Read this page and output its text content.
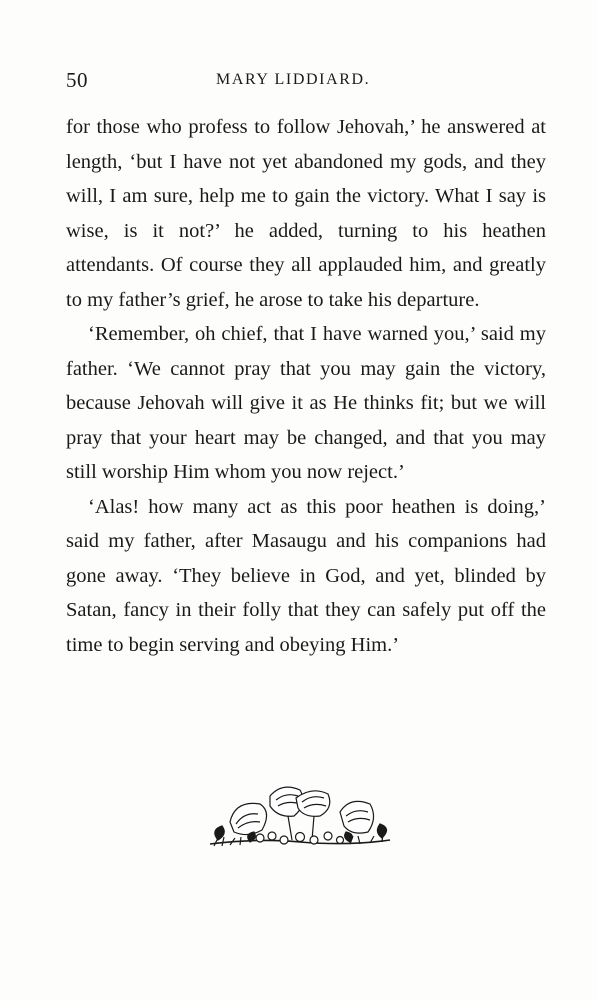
50	MARY LIDDIARD.

for those who profess to follow Jehovah,’ he answered at length, ‘but I have not yet abandoned my gods, and they will, I am sure, help me to gain the victory. What I say is wise, is it not?’ he added, turning to his heathen attendants. Of course they all applauded him, and greatly to my father’s grief, he arose to take his departure.

‘Remember, oh chief, that I have warned you,’ said my father. ‘We cannot pray that you may gain the victory, because Jehovah will give it as He thinks fit; but we will pray that your heart may be changed, and that you may still worship Him whom you now reject.’

‘Alas! how many act as this poor heathen is doing,’ said my father, after Masaugu and his companions had gone away. ‘They believe in God, and yet, blinded by Satan, fancy in their folly that they can safely put off the time to begin serving and obeying Him.’
